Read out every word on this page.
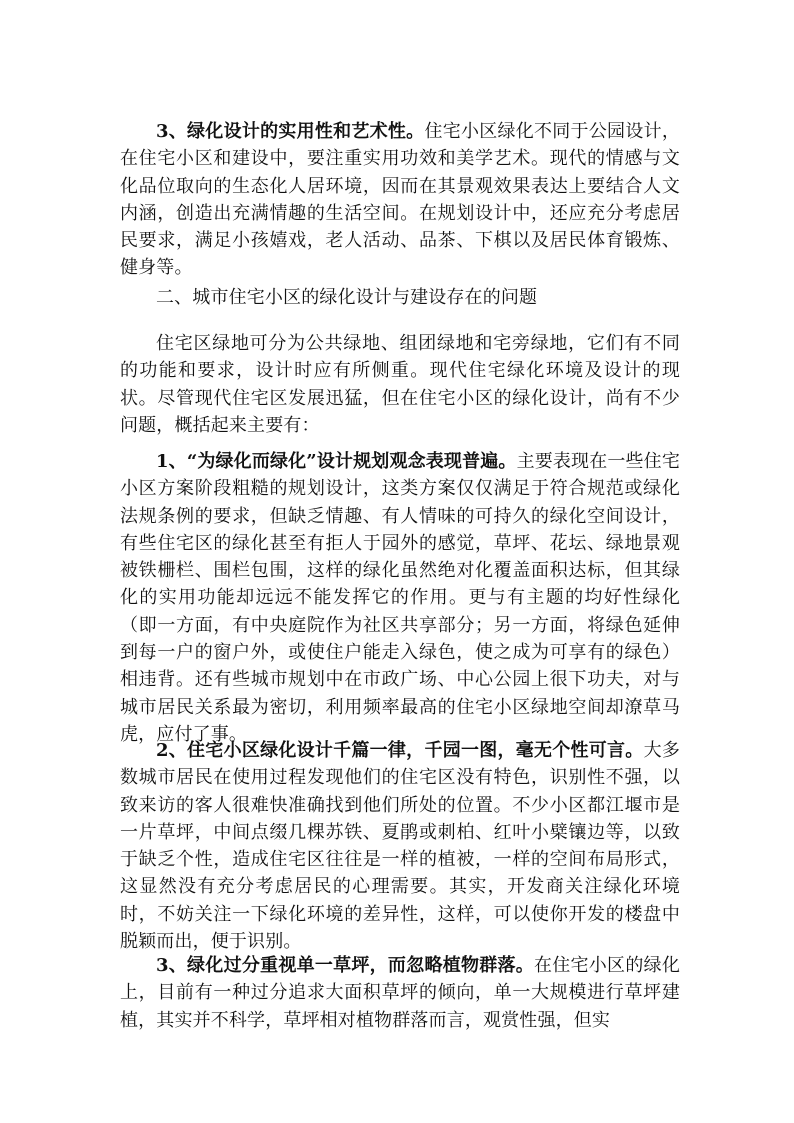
3、绿化设计的实用性和艺术性。住宅小区绿化不同于公园设计，在住宅小区和建设中，要注重实用功效和美学艺术。现代的情感与文化品位取向的生态化人居环境，因而在其景观效果表达上要结合人文内涵，创造出充满情趣的生活空间。在规划设计中，还应充分考虑居民要求，满足小孩嬉戏，老人活动、品茶、下棋以及居民体育锻炼、健身等。

二、城市住宅小区的绿化设计与建设存在的问题

住宅区绿地可分为公共绿地、组团绿地和宅旁绿地，它们有不同的功能和要求，设计时应有所侧重。现代住宅绿化环境及设计的现状。尽管现代住宅区发展迅猛，但在住宅小区的绿化设计，尚有不少问题，概括起来主要有：

1、“为绿化而绿化”设计规划观念表现普遍。主要表现在一些住宅小区方案阶段粗糙的规划设计，这类方案仅仅满足于符合规范或绿化法规条例的要求，但缺乏情趣、有人情味的可持久的绿化空间设计，有些住宅区的绿化甚至有拒人于园外的感觉，草坪、花坛、绿地景观被铁栅栏、围栏包围，这样的绿化虽然绝对化覆盖面积达标，但其绿化的实用功能却远远不能发挥它的作用。更与有主题的均好性绿化（即一方面，有中央庭院作为社区共享部分；另一方面，将绿色延伸到每一户的窗户外，或使住户能走入绿色，使之成为可享有的绿色）相违背。还有些城市规划中在市政广场、中心公园上很下功夫，对与城市居民关系最为密切，利用频率最高的住宅小区绿地空间却潦草马虎，应付了事。

2、住宅小区绿化设计千篇一律，千园一图，毫无个性可言。大多数城市居民在使用过程发现他们的住宅区没有特色，识别性不强，以致来访的客人很难快准确找到他们所处的位置。不少小区都江堰市是一片草坪，中间点缀几棵苏铁、夏鹃或刺柏、红叶小檗镶边等，以致于缺乏个性，造成住宅区往往是一样的植被，一样的空间布局形式，这显然没有充分考虑居民的心理需要。其实，开发商关注绿化环境时，不妨关注一下绿化环境的差异性，这样，可以使你开发的楼盘中脱颖而出，便于识别。

3、绿化过分重视单一草坪，而忽略植物群落。在住宅小区的绿化上，目前有一种过分追求大面积草坪的倾向，单一大规模进行草坪建植，其实并不科学，草坪相对植物群落而言，观赏性强，但实
